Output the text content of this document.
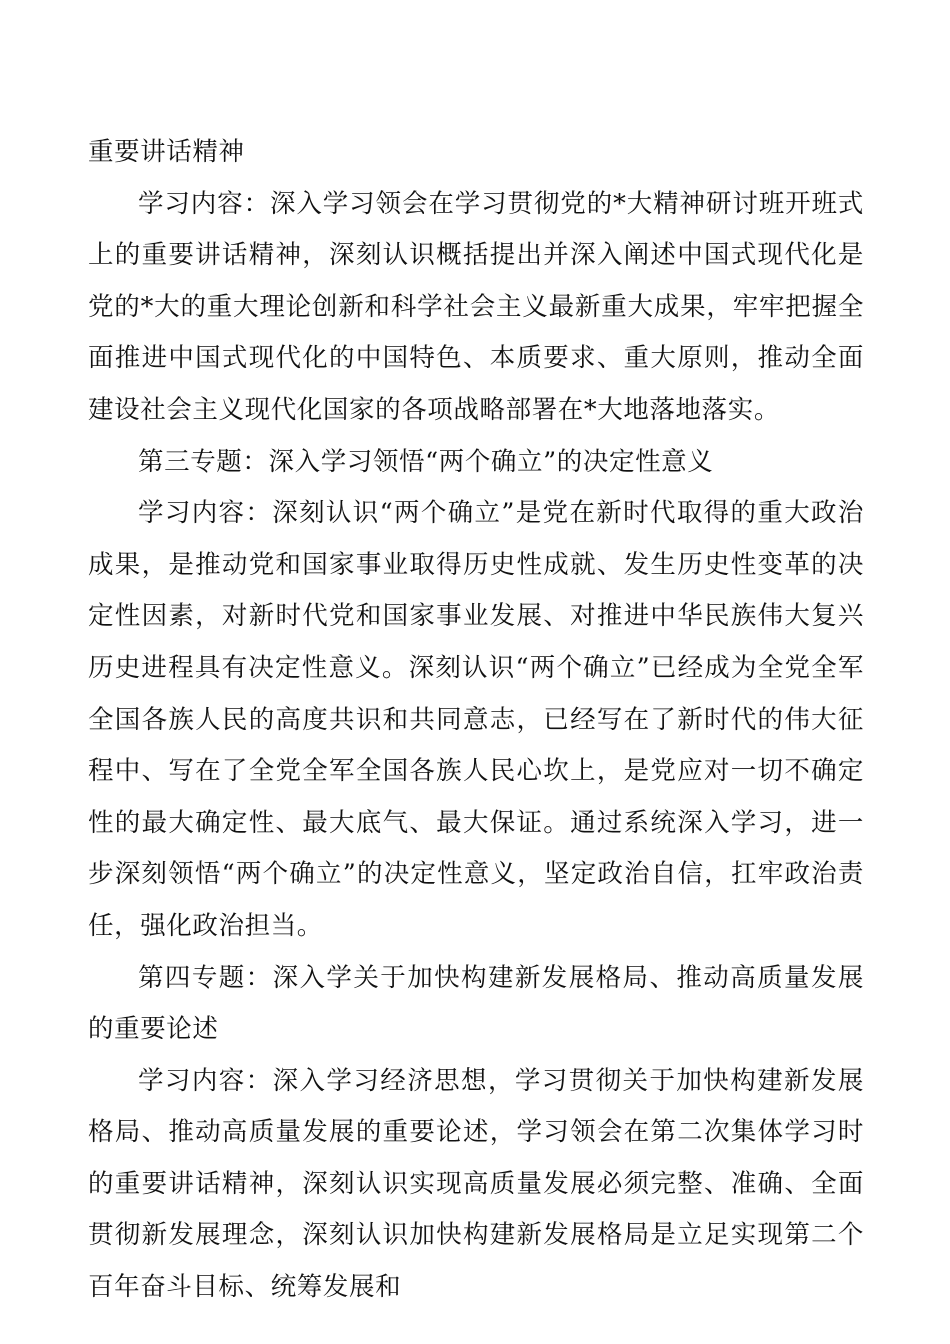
重要讲话精神

学习内容：深入学习领会在学习贯彻党的*大精神研讨班开班式上的重要讲话精神，深刻认识概括提出并深入阐述中国式现代化是党的*大的重大理论创新和科学社会主义最新重大成果，牢牢把握全面推进中国式现代化的中国特色、本质要求、重大原则，推动全面建设社会主义现代化国家的各项战略部署在*大地落地落实。

第三专题：深入学习领悟“两个确立”的决定性意义

学习内容：深刻认识“两个确立”是党在新时代取得的重大政治成果，是推动党和国家事业取得历史性成就、发生历史性变革的决定性因素，对新时代党和国家事业发展、对推进中华民族伟大复兴历史进程具有决定性意义。深刻认识“两个确立”已经成为全党全军全国各族人民的高度共识和共同意志，已经写在了新时代的伟大征程中、写在了全党全军全国各族人民心坎上，是党应对一切不确定性的最大确定性、最大底气、最大保证。通过系统深入学习，进一步深刻领悟“两个确立”的决定性意义，坚定政治自信，扛牢政治责任，强化政治担当。

第四专题：深入学关于加快构建新发展格局、推动高质量发展的重要论述

学习内容：深入学习经济思想，学习贯彻关于加快构建新发展格局、推动高质量发展的重要论述，学习领会在第二次集体学习时的重要讲话精神，深刻认识实现高质量发展必须完整、准确、全面贯彻新发展理念，深刻认识加快构建新发展格局是立足实现第二个百年奋斗目标、统筹发展和
